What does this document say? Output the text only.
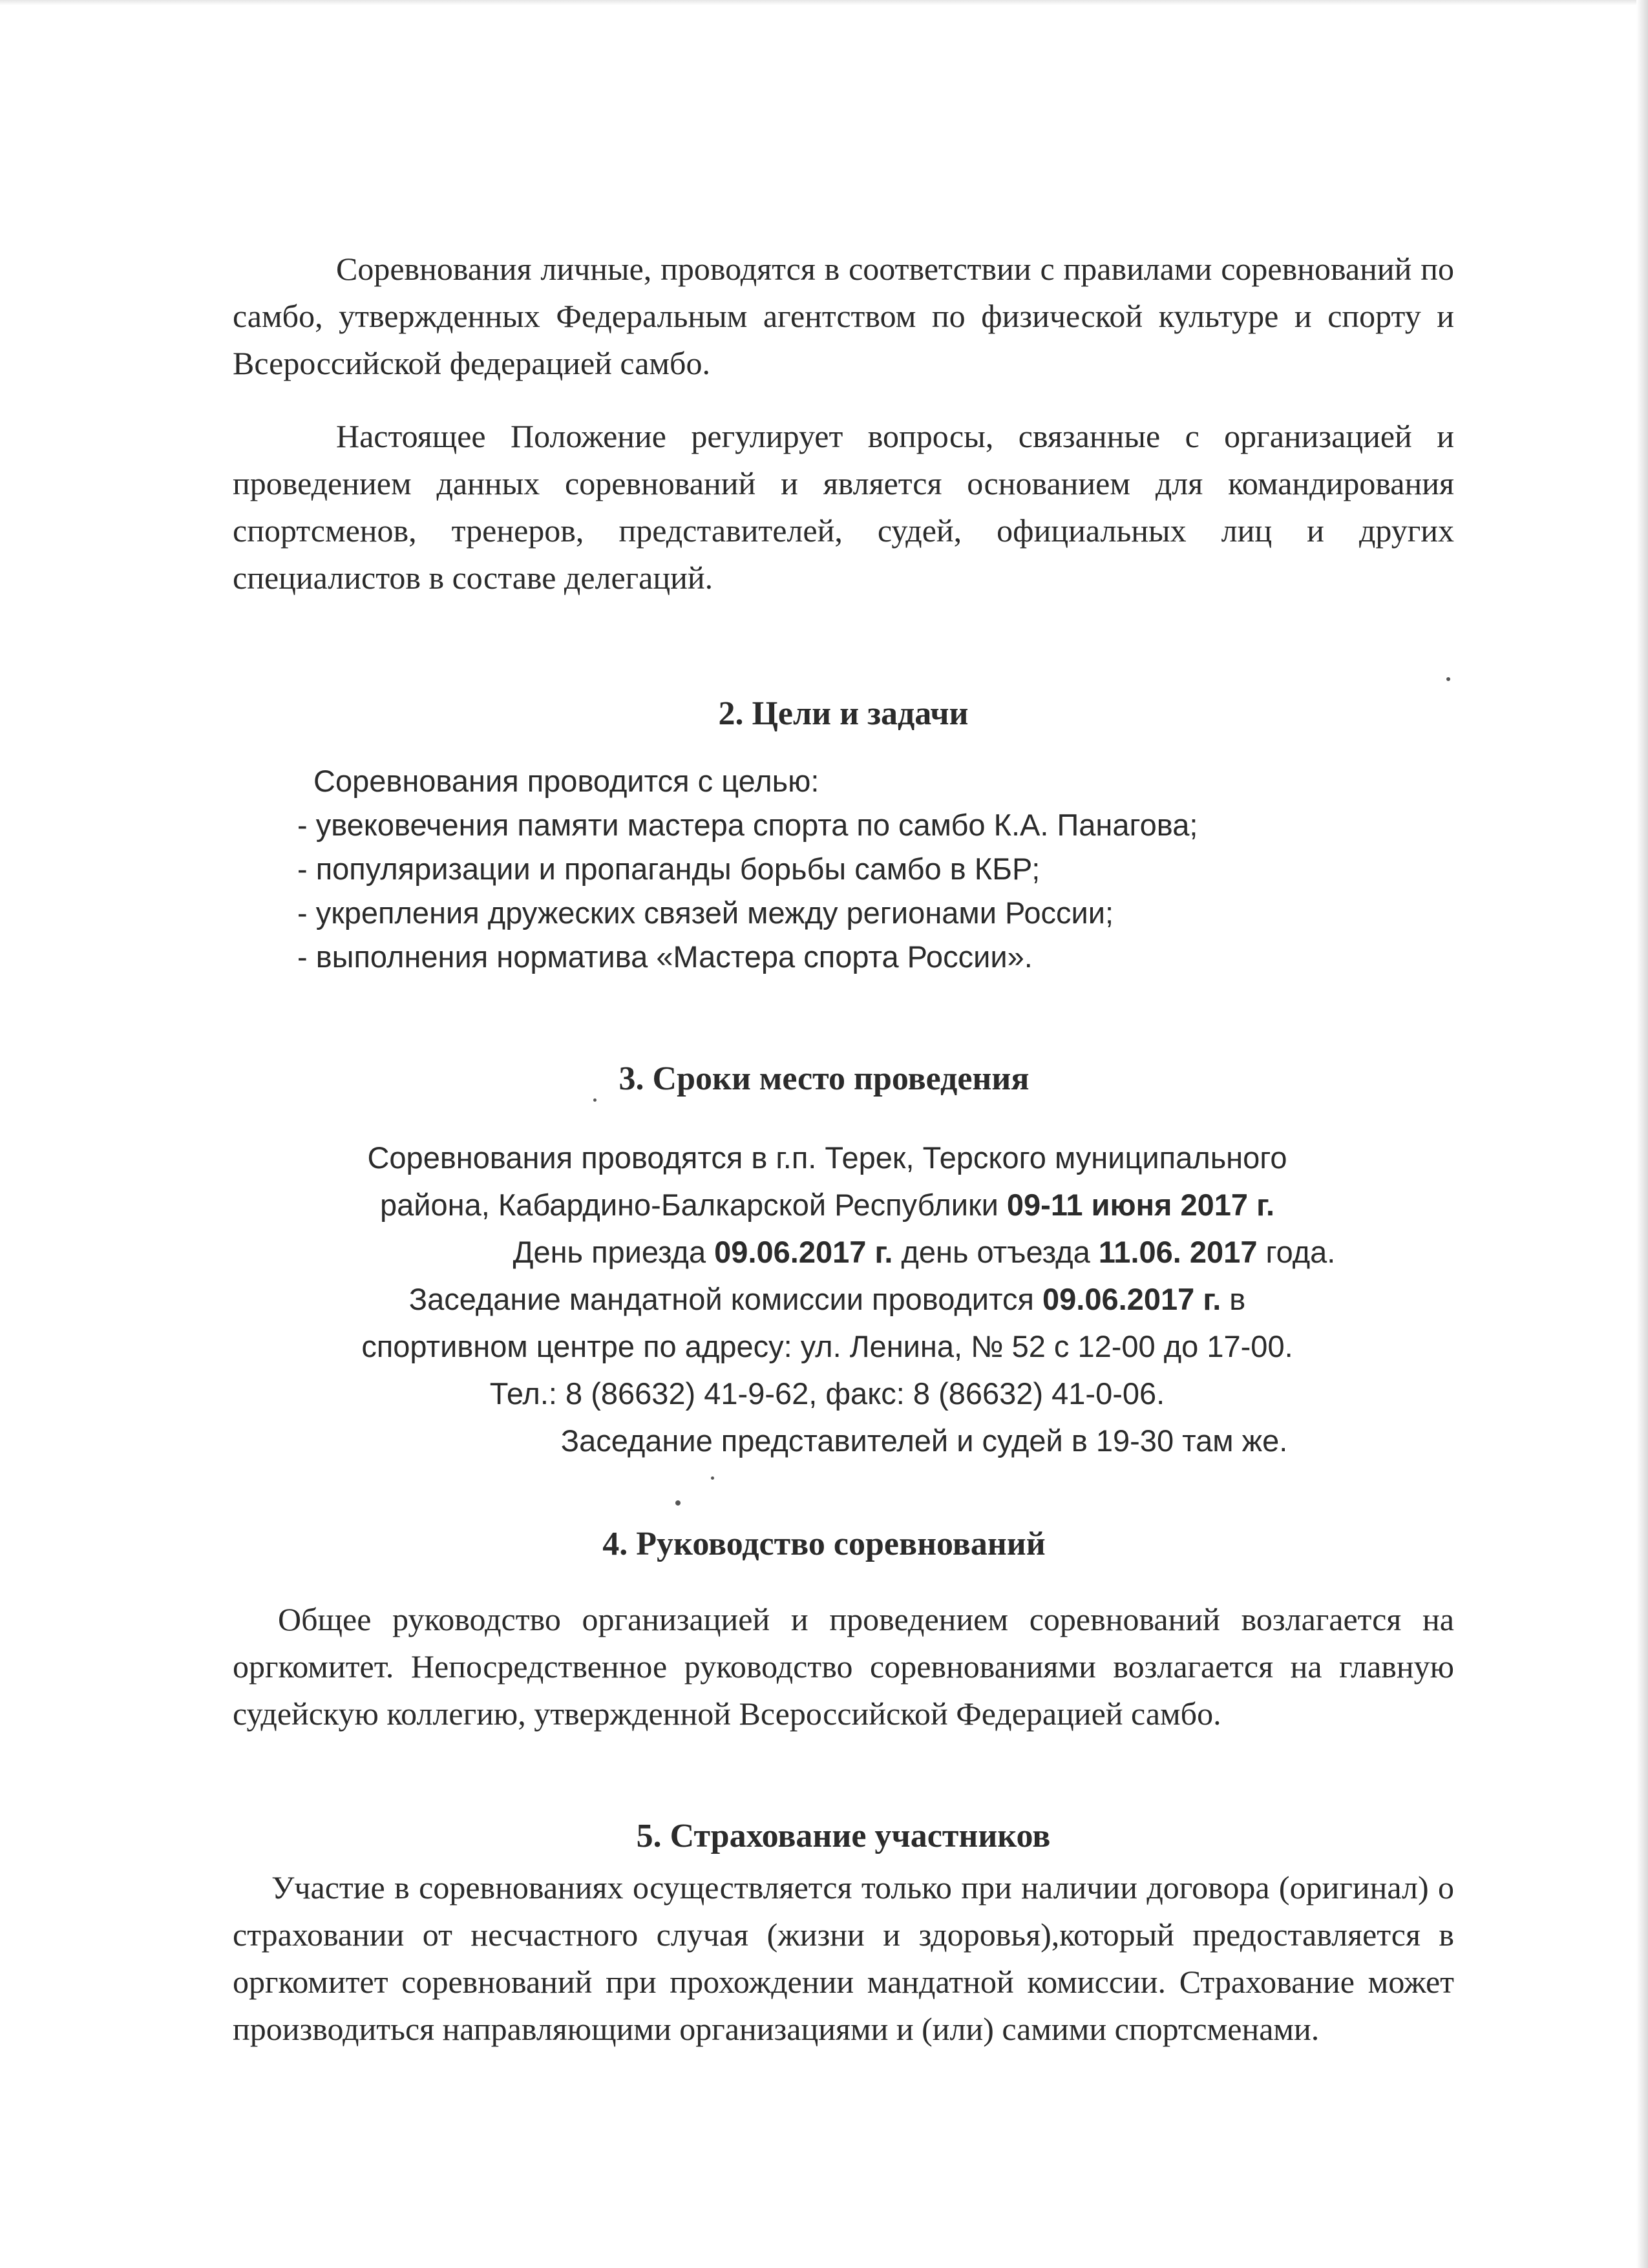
Соревнования личные, проводятся в соответствии с правилами соревнований по самбо, утвержденных Федеральным агентством по физической культуре и спорту и Всероссийской федерацией самбо.

Настоящее Положение регулирует вопросы, связанные с организацией и проведением данных соревнований и является основанием для командирования спортсменов, тренеров, представителей, судей, официальных лиц и других специалистов в составе делегаций.

2. Цели и задачи
Соревнования проводится с целью:
- увековечения памяти мастера спорта по самбо К.А. Панагова;
- популяризации и пропаганды борьбы самбо в КБР;
- укрепления дружеских связей между регионами России;
- выполнения норматива «Мастера спорта России».
3. Сроки место проведения
Соревнования проводятся в г.п. Терек, Терского муниципального
района, Кабардино-Балкарской Республики 09-11 июня 2017 г.
День приезда 09.06.2017 г. день отъезда 11.06. 2017 года.
Заседание мандатной комиссии проводится 09.06.2017 г. в
спортивном центре по адресу: ул. Ленина, № 52 с 12-00 до 17-00.
Тел.: 8 (86632) 41-9-62, факс: 8 (86632) 41-0-06.
Заседание представителей и судей в 19-30 там же.
4. Руководство соревнований

Общее руководство организацией и проведением соревнований возлагается на оргкомитет. Непосредственное руководство соревнованиями возлагается на главную судейскую коллегию, утвержденной Всероссийской Федерацией самбо.

5. Страхование участников

Участие в соревнованиях осуществляется только при наличии договора (оригинал) о страховании от несчастного случая (жизни и здоровья),который предоставляется в оргкомитет соревнований при прохождении мандатной комиссии. Страхование может производиться направляющими организациями и (или) самими спортсменами.
